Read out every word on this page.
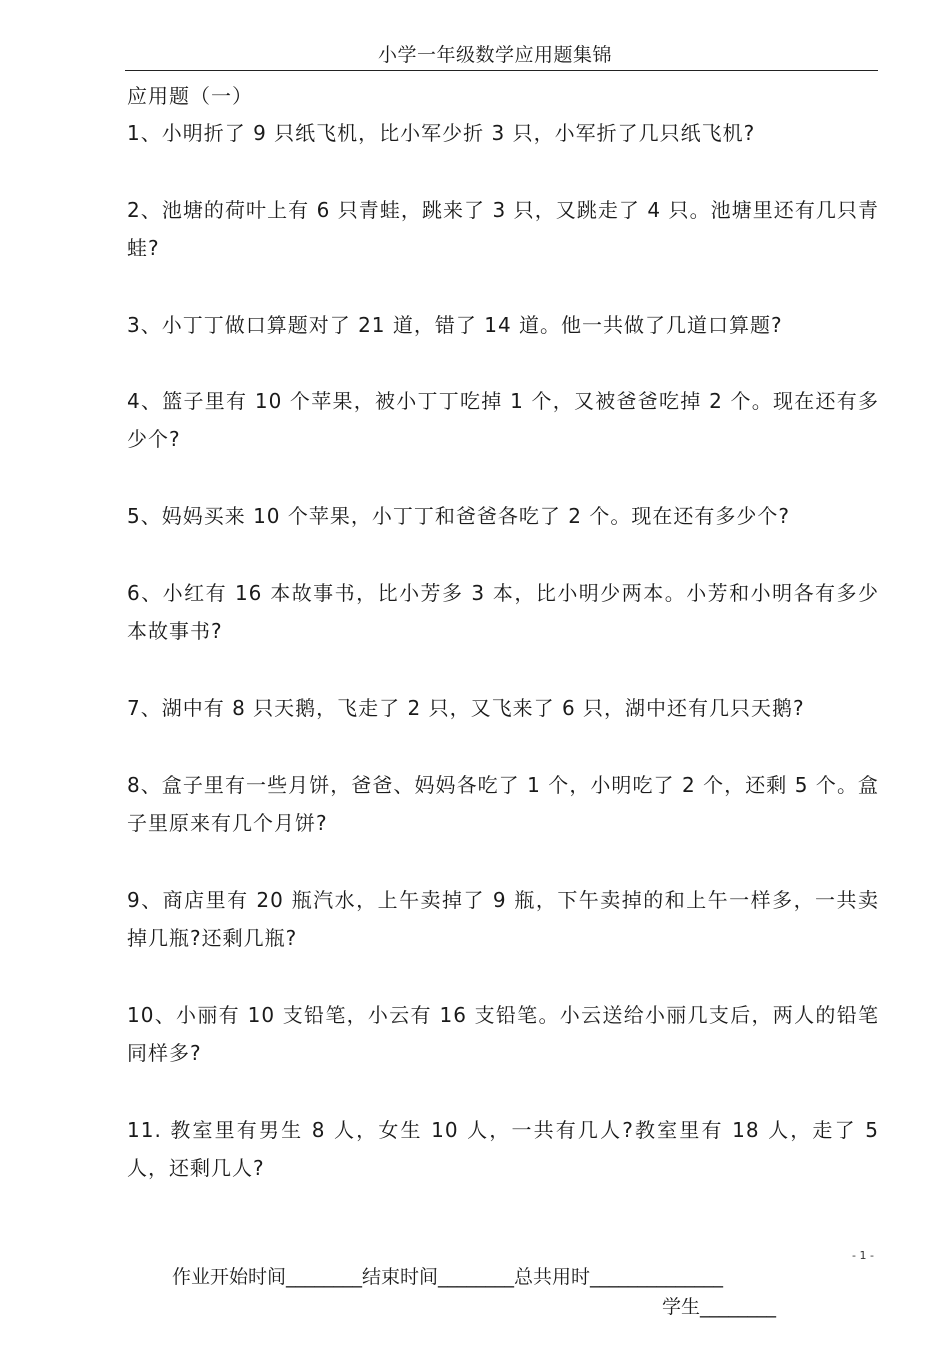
小学一年级数学应用题集锦
应用题（一）
1、小明折了 9 只纸飞机，比小军少折 3 只，小军折了几只纸飞机?
2、池塘的荷叶上有 6 只青蛙，跳来了 3 只，又跳走了 4 只。池塘里还有几只青蛙?
3、小丁丁做口算题对了 21 道，错了 14 道。他一共做了几道口算题?
4、篮子里有 10 个苹果，被小丁丁吃掉 1 个，又被爸爸吃掉 2 个。现在还有多少个?
5、妈妈买来 10 个苹果，小丁丁和爸爸各吃了 2 个。现在还有多少个?
6、小红有 16 本故事书，比小芳多 3 本，比小明少两本。小芳和小明各有多少本故事书?
7、湖中有 8 只天鹅，飞走了 2 只，又飞来了 6 只，湖中还有几只天鹅?
8、盒子里有一些月饼，爸爸、妈妈各吃了 1 个，小明吃了 2 个，还剩 5 个。盒子里原来有几个月饼?
9、商店里有 20 瓶汽水，上午卖掉了 9 瓶，下午卖掉的和上午一样多，一共卖掉几瓶?还剩几瓶?
10、小丽有 10 支铅笔，小云有 16 支铅笔。小云送给小丽几支后，两人的铅笔同样多?
11. 教室里有男生 8 人，女生 10 人，一共有几人?教室里有 18 人，走了 5 人，还剩几人?
- 1 -
作业开始时间________结束时间________总共用时______________
学生________
